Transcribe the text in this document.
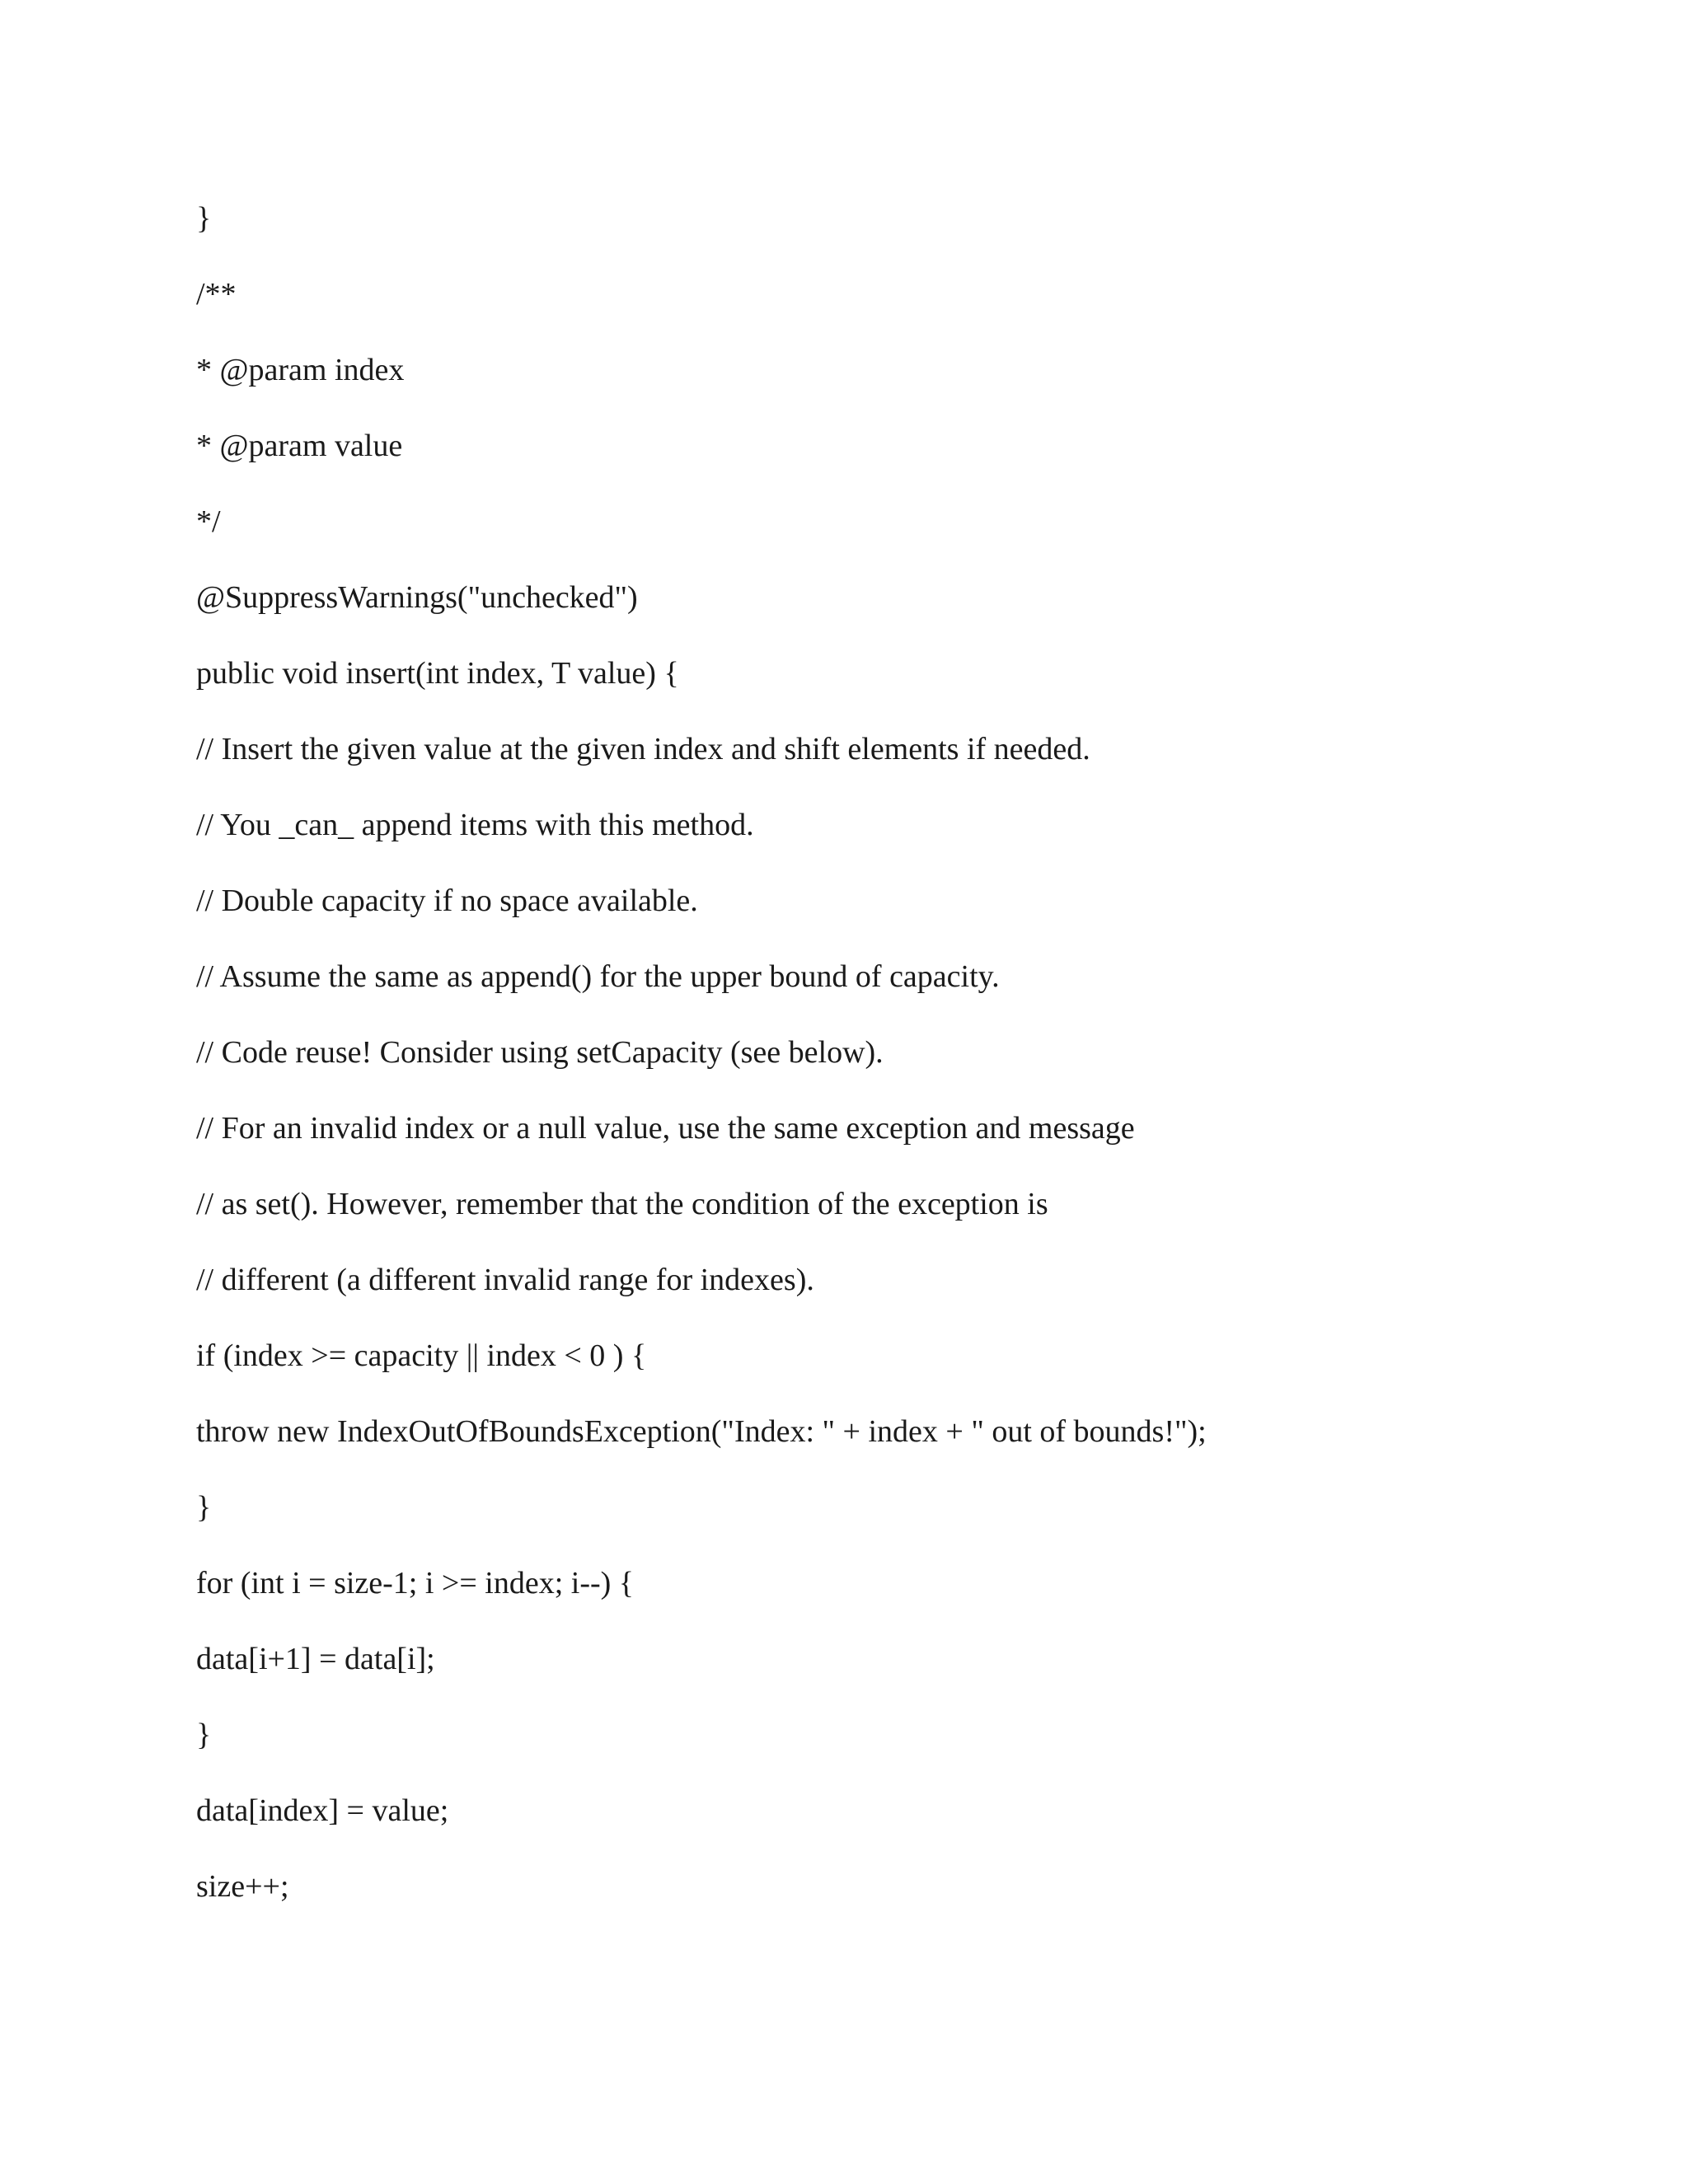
}
/**
* @param index
* @param value
*/
@SuppressWarnings("unchecked")
public void insert(int index, T value) {
// Insert the given value at the given index and shift elements if needed.
// You _can_ append items with this method.
// Double capacity if no space available.
// Assume the same as append() for the upper bound of capacity.
// Code reuse! Consider using setCapacity (see below).
// For an invalid index or a null value, use the same exception and message
// as set(). However, remember that the condition of the exception is
// different (a different invalid range for indexes).
if (index >= capacity || index < 0 ) {
throw new IndexOutOfBoundsException("Index: " + index + " out of bounds!");
}
for (int i = size-1; i >= index; i--) {
data[i+1] = data[i];
}
data[index] = value;
size++;
